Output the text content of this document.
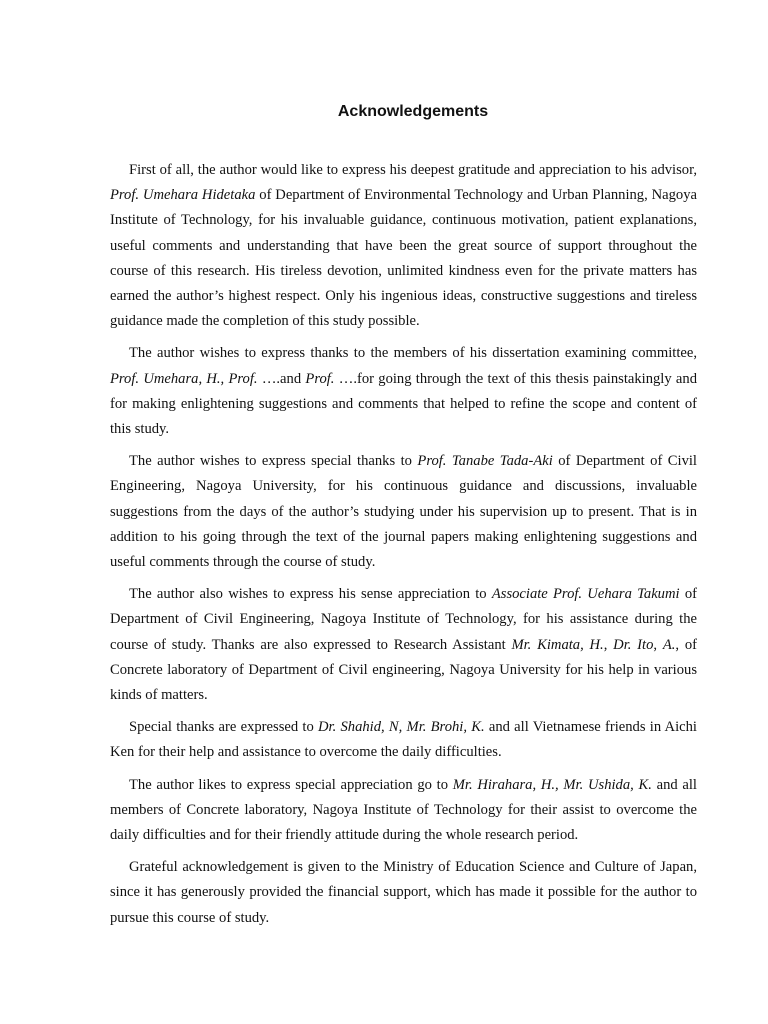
Acknowledgements

First of all, the author would like to express his deepest gratitude and appreciation to his advisor, Prof. Umehara Hidetaka of Department of Environmental Technology and Urban Planning, Nagoya Institute of Technology, for his invaluable guidance, continuous motivation, patient explanations, useful comments and understanding that have been the great source of support throughout the course of this research. His tireless devotion, unlimited kindness even for the private matters has earned the author’s highest respect. Only his ingenious ideas, constructive suggestions and tireless guidance made the completion of this study possible.

The author wishes to express thanks to the members of his dissertation examining committee, Prof. Umehara, H., Prof. ….and Prof. ….for going through the text of this thesis painstakingly and for making enlightening suggestions and comments that helped to refine the scope and content of this study.

The author wishes to express special thanks to Prof. Tanabe Tada-Aki of Department of Civil Engineering, Nagoya University, for his continuous guidance and discussions, invaluable suggestions from the days of the author’s studying under his supervision up to present. That is in addition to his going through the text of the journal papers making enlightening suggestions and useful comments through the course of study.

The author also wishes to express his sense appreciation to Associate Prof. Uehara Takumi of Department of Civil Engineering, Nagoya Institute of Technology, for his assistance during the course of study. Thanks are also expressed to Research Assistant Mr. Kimata, H., Dr. Ito, A., of Concrete laboratory of Department of Civil engineering, Nagoya University for his help in various kinds of matters.

Special thanks are expressed to Dr. Shahid, N, Mr. Brohi, K. and all Vietnamese friends in Aichi Ken for their help and assistance to overcome the daily difficulties.

The author likes to express special appreciation go to Mr. Hirahara, H., Mr. Ushida, K. and all members of Concrete laboratory, Nagoya Institute of Technology for their assist to overcome the daily difficulties and for their friendly attitude during the whole research period.

Grateful acknowledgement is given to the Ministry of Education Science and Culture of Japan, since it has generously provided the financial support, which has made it possible for the author to pursue this course of study.
